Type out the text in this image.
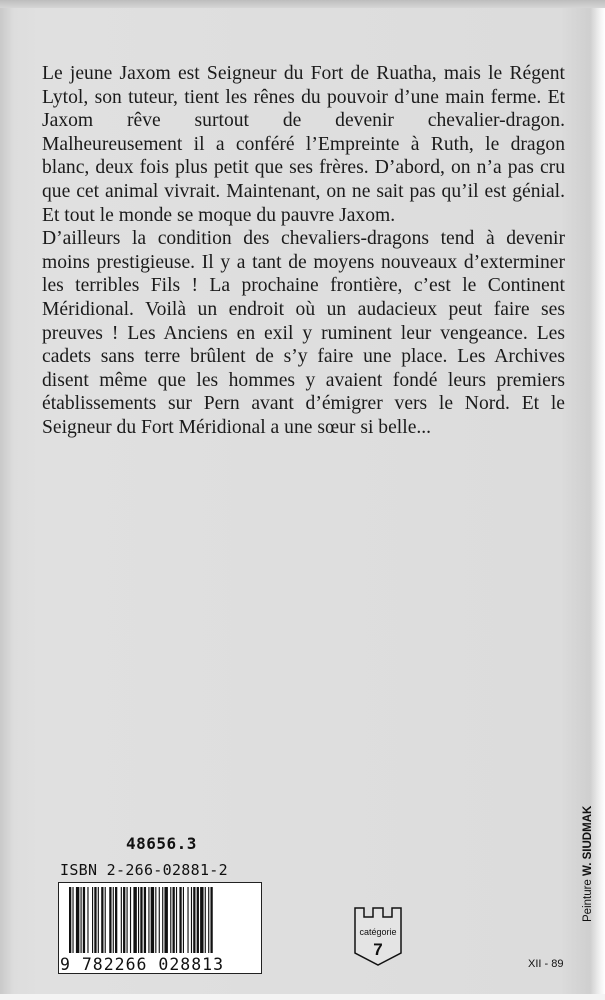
Le jeune Jaxom est Seigneur du Fort de Ruatha, mais le Régent Lytol, son tuteur, tient les rênes du pouvoir d’une main ferme. Et Jaxom rêve surtout de devenir chevalier-dragon. Malheureusement il a conféré l’Empreinte à Ruth, le dragon blanc, deux fois plus petit que ses frères. D’abord, on n’a pas cru que cet animal vivrait. Maintenant, on ne sait pas qu’il est génial. Et tout le monde se moque du pauvre Jaxom.

D’ailleurs la condition des chevaliers-dragons tend à devenir moins prestigieuse. Il y a tant de moyens nouveaux d’exterminer les terribles Fils ! La prochaine frontière, c’est le Continent Méridional. Voilà un endroit où un audacieux peut faire ses preuves ! Les Anciens en exil y ruminent leur vengeance. Les cadets sans terre brûlent de s’y faire une place. Les Archives disent même que les hommes y avaient fondé leurs premiers établissements sur Pern avant d’émigrer vers le Nord. Et le Seigneur du Fort Méridional a une sœur si belle...

48656.3
ISBN 2-266-02881-2
9 782266 028813
catégorie
7
XII - 89
Peinture W. SIUDMAK
